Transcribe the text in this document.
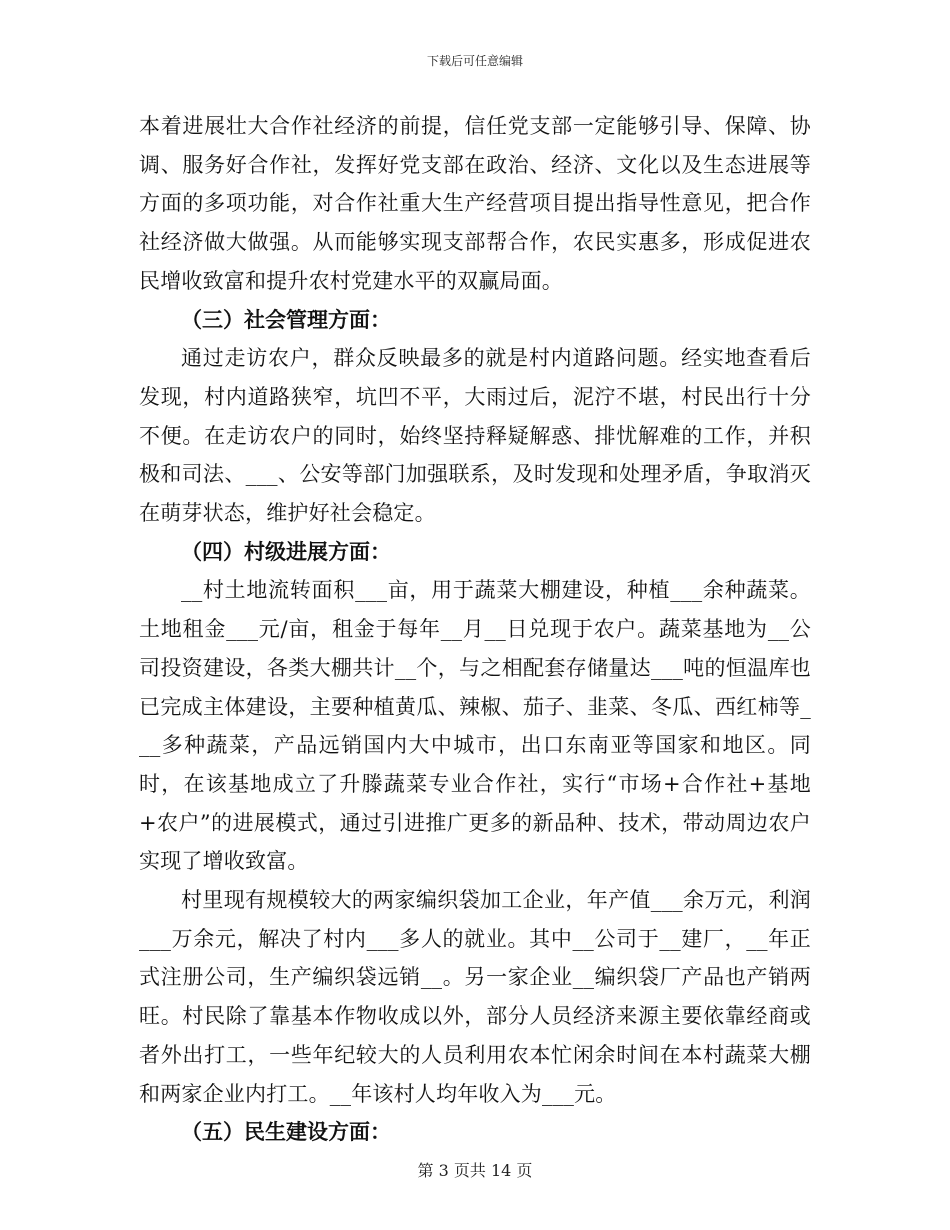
下载后可任意编辑

本着进展壮大合作社经济的前提，信任党支部一定能够引导、保障、协调、服务好合作社，发挥好党支部在政治、经济、文化以及生态进展等方面的多项功能，对合作社重大生产经营项目提出指导性意见，把合作社经济做大做强。从而能够实现支部帮合作，农民实惠多，形成促进农民增收致富和提升农村党建水平的双赢局面。

（三）社会管理方面：

通过走访农户，群众反映最多的就是村内道路问题。经实地查看后发现，村内道路狭窄，坑凹不平，大雨过后，泥泞不堪，村民出行十分不便。在走访农户的同时，始终坚持释疑解惑、排忧解难的工作，并积极和司法、___、公安等部门加强联系，及时发现和处理矛盾，争取消灭在萌芽状态，维护好社会稳定。

（四）村级进展方面：

__村土地流转面积___亩，用于蔬菜大棚建设，种植___余种蔬菜。土地租金___元/亩，租金于每年__月__日兑现于农户。蔬菜基地为__公司投资建设，各类大棚共计__个，与之相配套存储量达___吨的恒温库也已完成主体建设，主要种植黄瓜、辣椒、茄子、韭菜、冬瓜、西红柿等___多种蔬菜，产品远销国内大中城市，出口东南亚等国家和地区。同时，在该基地成立了升滕蔬菜专业合作社，实行“市场+合作社+基地+农户”的进展模式，通过引进推广更多的新品种、技术，带动周边农户实现了增收致富。

村里现有规模较大的两家编织袋加工企业，年产值___余万元，利润___万余元，解决了村内___多人的就业。其中__公司于__建厂，__年正式注册公司，生产编织袋远销__。另一家企业__编织袋厂产品也产销两旺。村民除了靠基本作物收成以外，部分人员经济来源主要依靠经商或者外出打工，一些年纪较大的人员利用农本忙闲余时间在本村蔬菜大棚和两家企业内打工。__年该村人均年收入为___元。

（五）民生建设方面：

第 3 页共 14 页
